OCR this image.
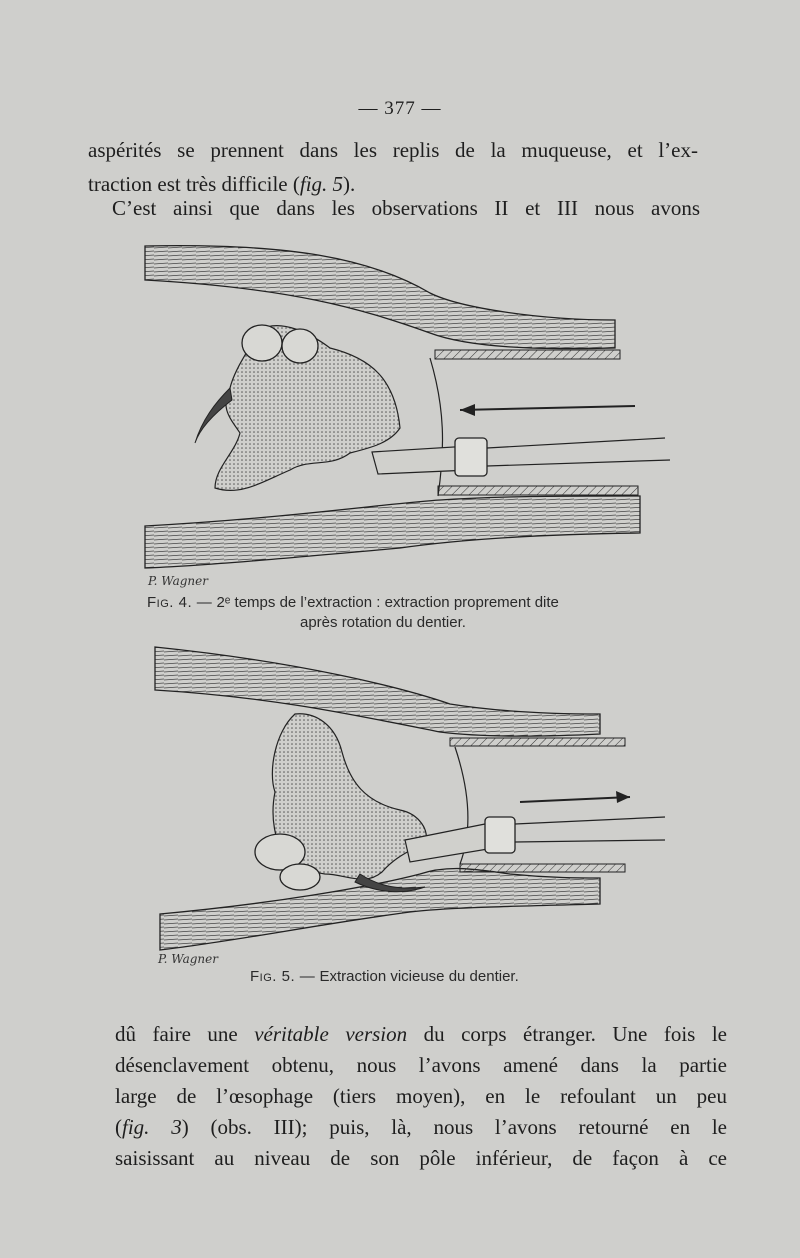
— 377 —
aspérités se prennent dans les replis de la muqueuse, et l’ex-
traction est très difficile (fig. 5).
C’est ainsi que dans les observations II et III nous avons
P. Wagner
Fig. 4. — 2ᵉ temps de l’extraction : extraction proprement dite
après rotation du dentier.
P. Wagner
Fig. 5. — Extraction vicieuse du dentier.
dû faire une véritable version du corps étranger. Une fois le
désenclavement obtenu, nous l’avons amené dans la partie
large de l’œsophage (tiers moyen), en le refoulant un peu
(fig. 3) (obs. III); puis, là, nous l’avons retourné en le
saisissant au niveau de son pôle inférieur, de façon à ce
